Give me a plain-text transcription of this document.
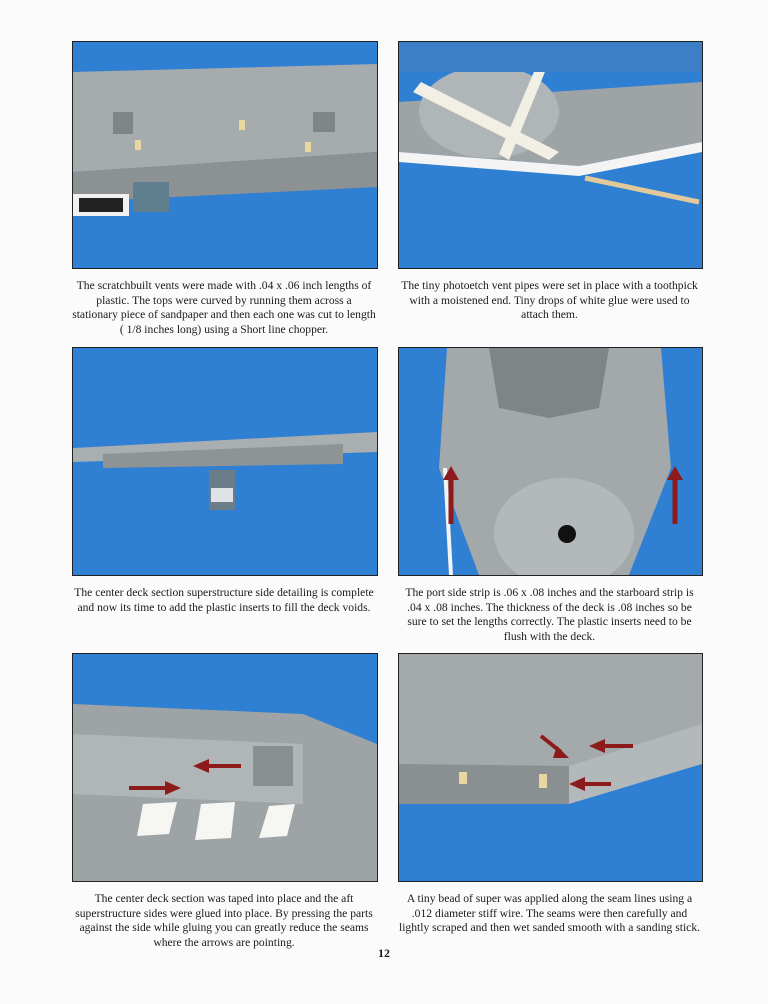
The scratchbuilt vents were made with .04 x .06 inch lengths of plastic. The tops were curved by running them across a stationary piece of sandpaper and then each one was cut to length ( 1/8 inches long) using a Short line chopper.

The tiny photoetch vent pipes were set in place with a toothpick with a moistened end. Tiny drops of white glue were used to attach them.

The center deck section superstructure side detailing is complete and now its time to add the plastic inserts to fill the deck voids.

The port side strip is .06 x .08 inches and the starboard strip is .04 x .08 inches. The thickness of the deck is .08 inches so be sure to set the lengths correctly. The plastic inserts need to be flush with the deck.

The center deck section was taped into place and the aft superstructure sides were glued into place. By pressing the parts against the side while gluing you can greatly reduce the seams where the arrows are pointing.

A tiny bead of super was applied along the seam lines using a .012 diameter stiff wire. The seams were then carefully and lightly scraped and then wet sanded smooth with a sanding stick.

12
